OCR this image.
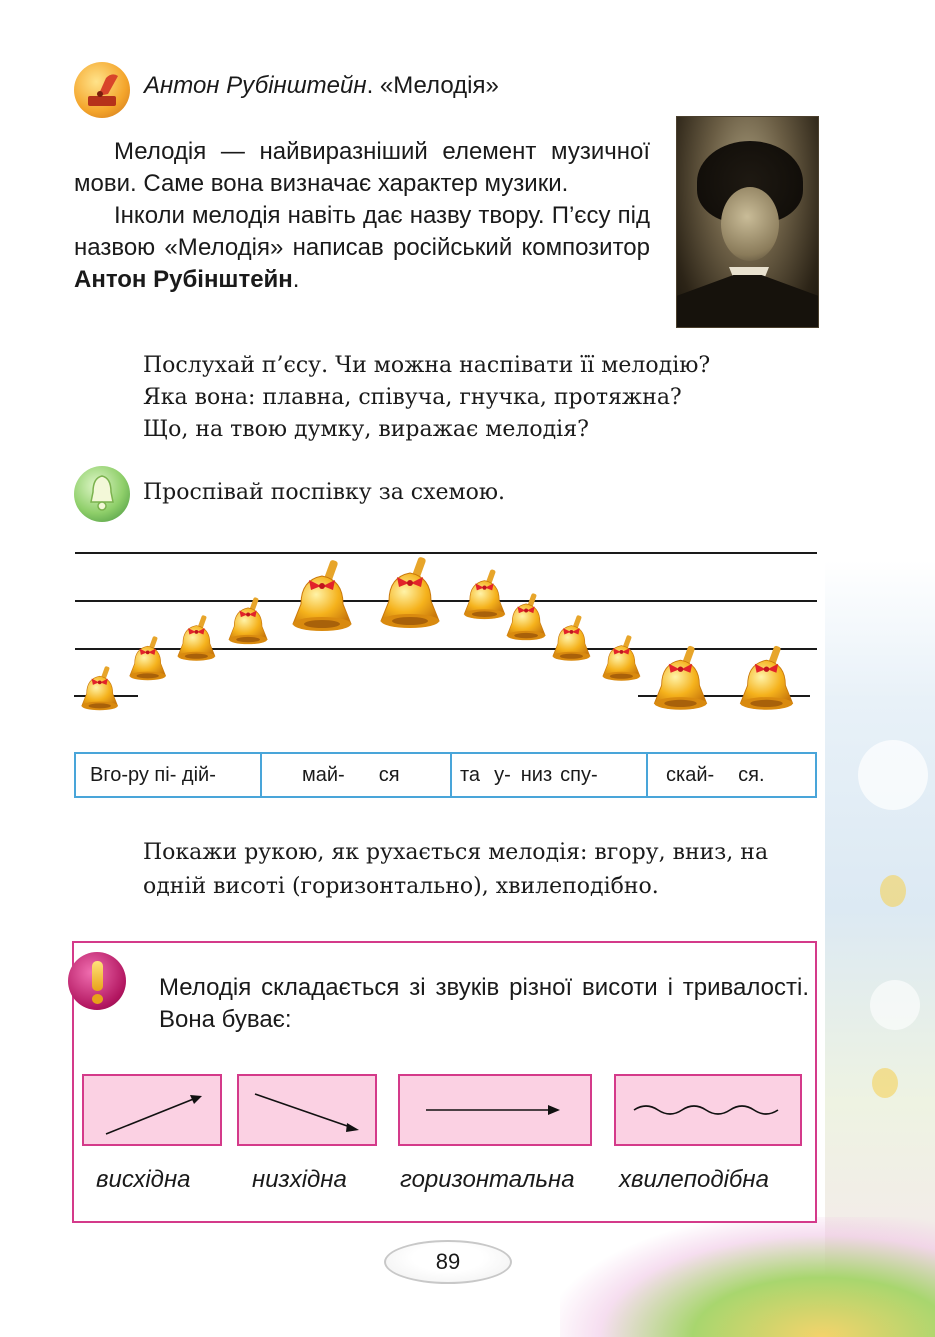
Антон Рубінштейн. «Мелодія»

Мелодія — найвиразніший елемент музичної мови. Саме вона визначає характер музики.

Інколи мелодія навіть дає назву твору. П’єсу під назвою «Мелодія» написав російський композитор Антон Рубінштейн.

Послухай п’єсу. Чи можна наспівати її мелодію?
Яка вона: плавна, співуча, гнучка, протяжна?
Що, на твою думку, виражає мелодія?
Проспівай поспівку за схемою.
Вго-ру пі- дій-	май- ся	та у- низ спу-	скай- ся.
Покажи рукою, як рухається мелодія: вгору, вниз, на одній висоті (горизонтально), хвилеподібно.
Мелодія складається зі звуків різної висоти і тривалості. Вона буває:
висхідна	низхідна горизонтальна хвилеподібна
89
